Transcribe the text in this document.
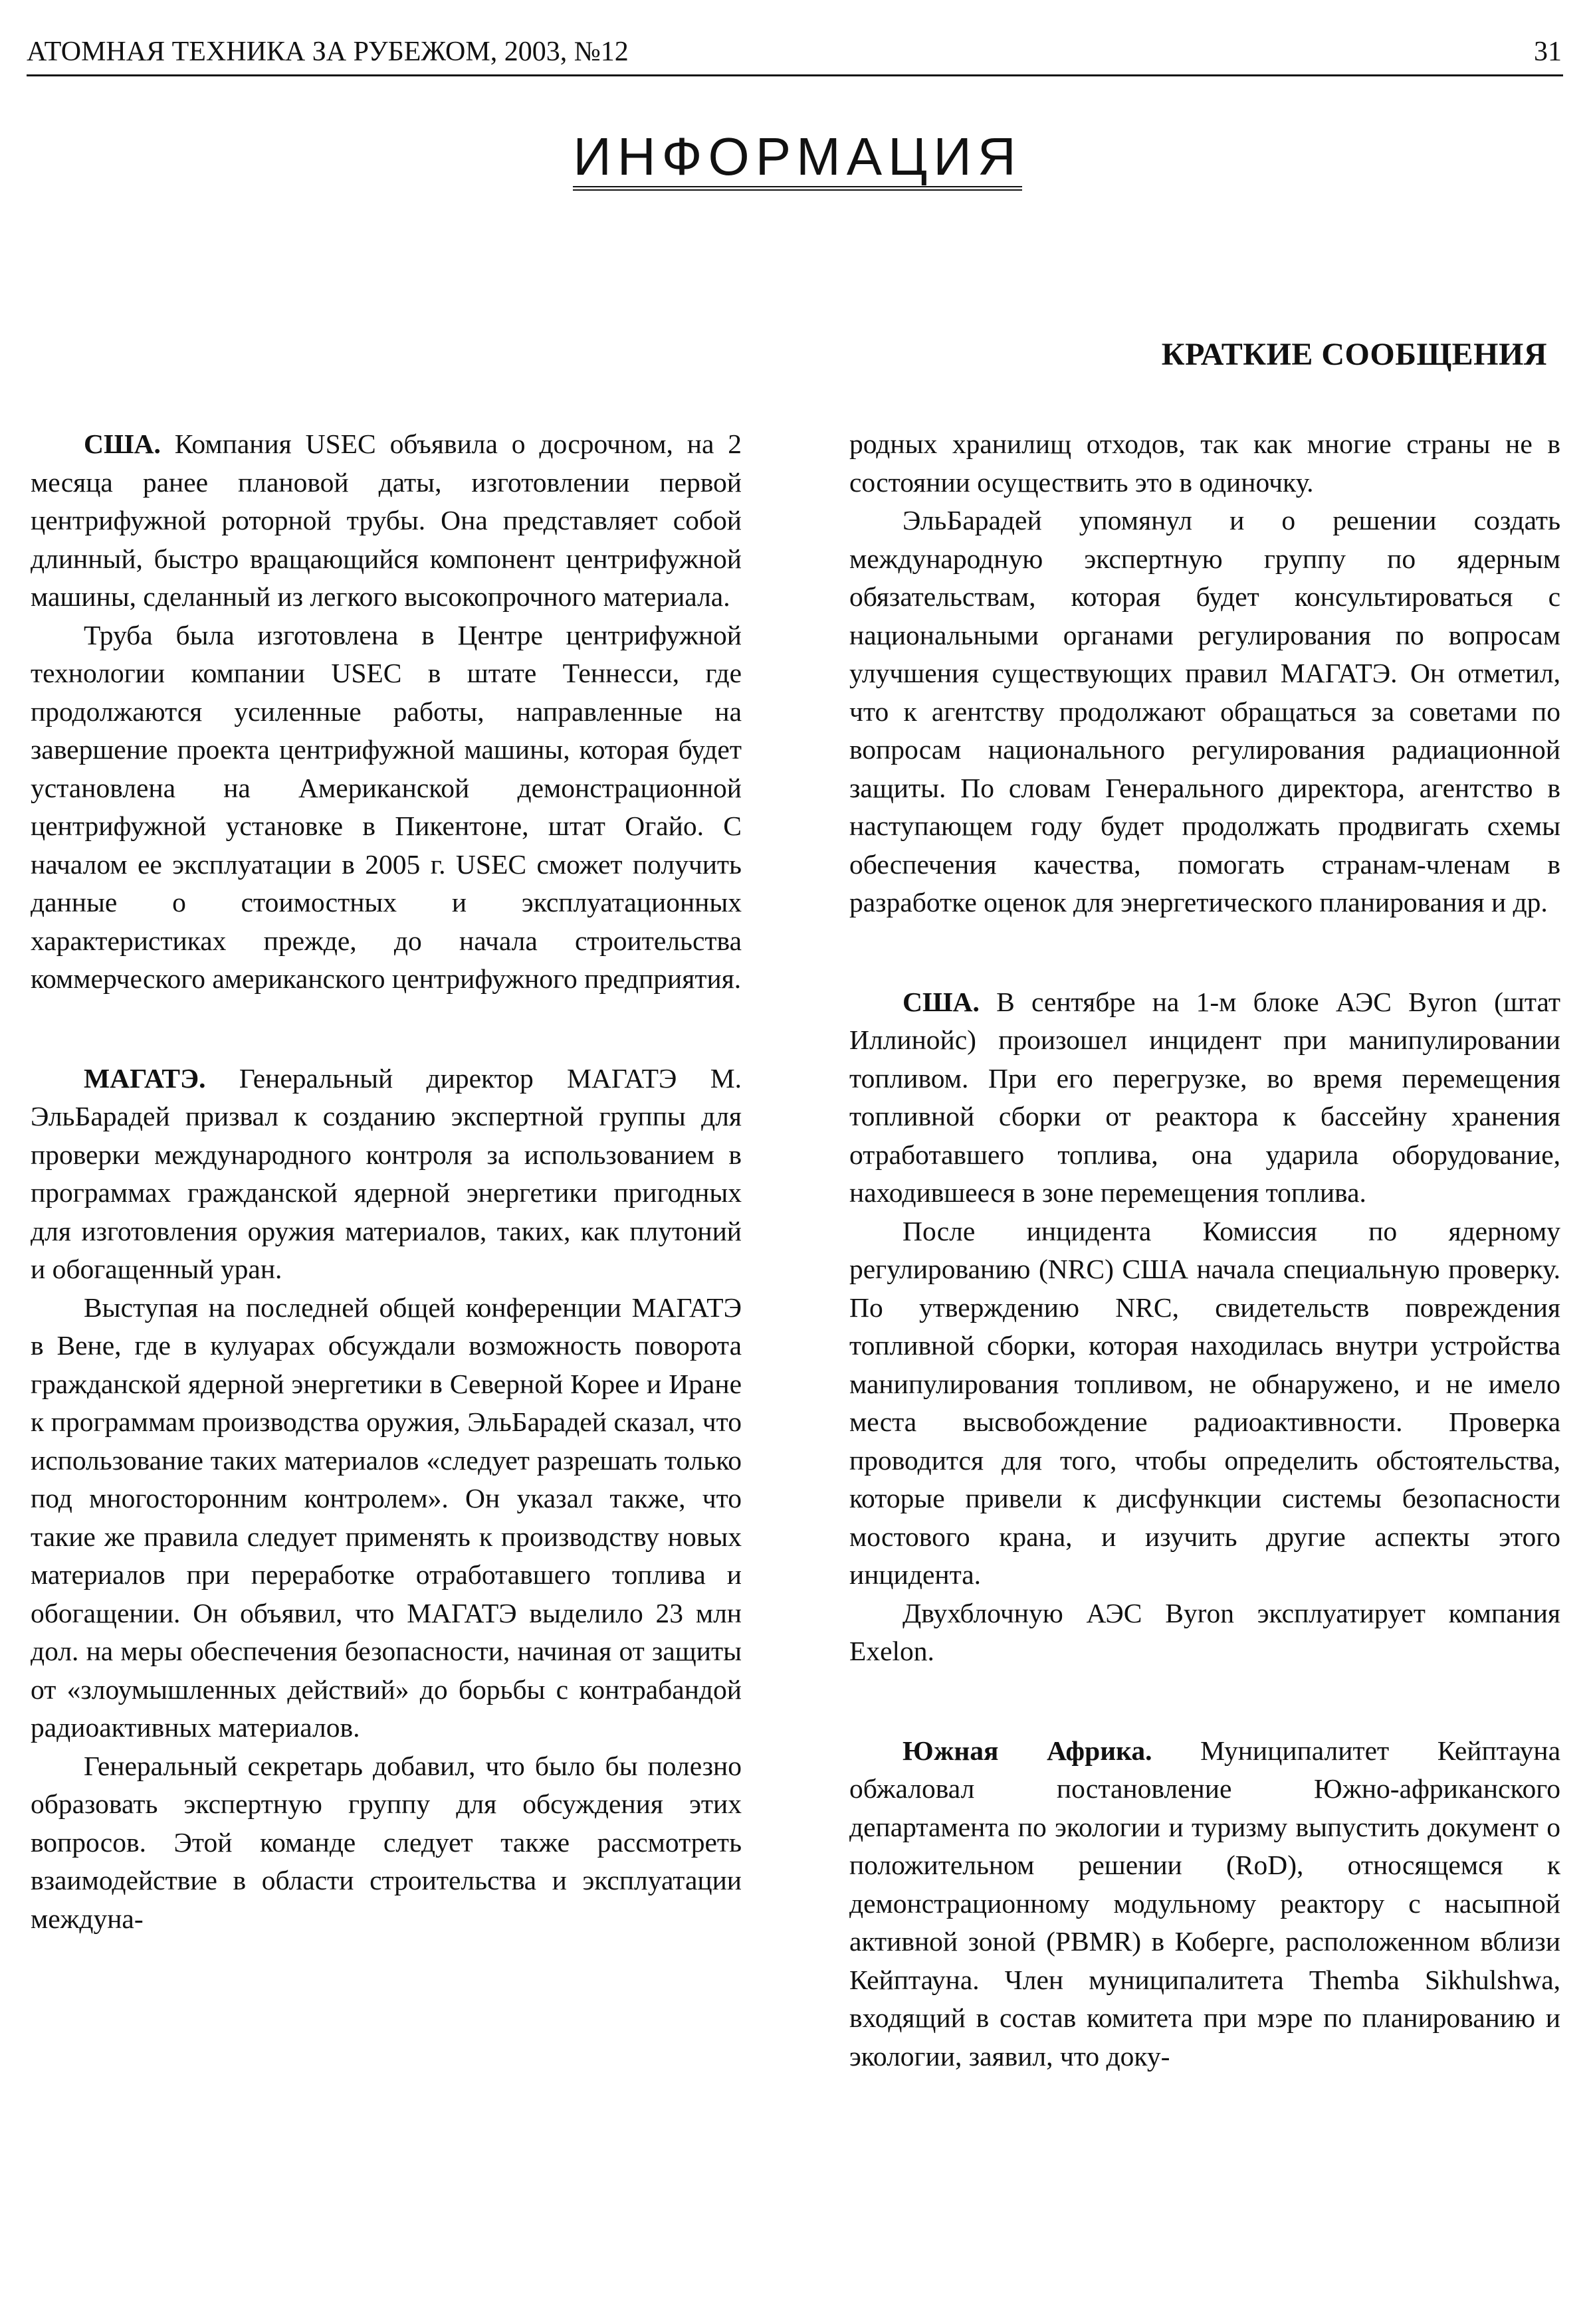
АТОМНАЯ ТЕХНИКА ЗА РУБЕЖОМ, 2003, №12	31
ИНФОРМАЦИЯ
КРАТКИЕ СООБЩЕНИЯ

США. Компания USEC объявила о досрочном, на 2 месяца ранее плановой даты, изготовлении первой центрифужной роторной трубы. Она представляет собой длинный, быстро вращающийся компонент центрифужной машины, сделанный из легкого высокопрочного материала.

Труба была изготовлена в Центре центрифужной технологии компании USEC в штате Теннесси, где продолжаются усиленные работы, направленные на завершение проекта центрифужной машины, которая будет установлена на Американской демонстрационной центрифужной установке в Пикентоне, штат Огайо. С началом ее эксплуатации в 2005 г. USEC сможет получить данные о стоимостных и эксплуатационных характеристиках прежде, до начала строительства коммерческого американского центрифужного предприятия.

МАГАТЭ. Генеральный директор МАГАТЭ М. ЭльБарадей призвал к созданию экспертной группы для проверки международного контроля за использованием в программах гражданской ядерной энергетики пригодных для изготовления оружия материалов, таких, как плутоний и обогащенный уран.

Выступая на последней общей конференции МАГАТЭ в Вене, где в кулуарах обсуждали возможность поворота гражданской ядерной энергетики в Северной Корее и Иране к программам производства оружия, ЭльБарадей сказал, что использование таких материалов «следует разрешать только под многосторонним контролем». Он указал также, что такие же правила следует применять к производству новых материалов при переработке отработавшего топлива и обогащении. Он объявил, что МАГАТЭ выделило 23 млн дол. на меры обеспечения безопасности, начиная от защиты от «злоумышленных действий» до борьбы с контрабандой радиоактивных материалов.

Генеральный секретарь добавил, что было бы полезно образовать экспертную группу для обсуждения этих вопросов. Этой команде следует также рассмотреть взаимодействие в области строительства и эксплуатации междуна-

родных хранилищ отходов, так как многие страны не в состоянии осуществить это в одиночку.

ЭльБарадей упомянул и о решении создать международную экспертную группу по ядерным обязательствам, которая будет консультироваться с национальными органами регулирования по вопросам улучшения существующих правил МАГАТЭ. Он отметил, что к агентству продолжают обращаться за советами по вопросам национального регулирования радиационной защиты. По словам Генерального директора, агентство в наступающем году будет продолжать продвигать схемы обеспечения качества, помогать странам-членам в разработке оценок для энергетического планирования и др.

США. В сентябре на 1-м блоке АЭС Byron (штат Иллинойс) произошел инцидент при манипулировании топливом. При его перегрузке, во время перемещения топливной сборки от реактора к бассейну хранения отработавшего топлива, она ударила оборудование, находившееся в зоне перемещения топлива.

После инцидента Комиссия по ядерному регулированию (NRC) США начала специальную проверку. По утверждению NRC, свидетельств повреждения топливной сборки, которая находилась внутри устройства манипулирования топливом, не обнаружено, и не имело места высвобождение радиоактивности. Проверка проводится для того, чтобы определить обстоятельства, которые привели к дисфункции системы безопасности мостового крана, и изучить другие аспекты этого инцидента.

Двухблочную АЭС Byron эксплуатирует компания Exelon.

Южная Африка. Муниципалитет Кейптауна обжаловал постановление Южно-африканского департамента по экологии и туризму выпустить документ о положительном решении (RoD), относящемся к демонстрационному модульному реактору с насыпной активной зоной (PBMR) в Коберге, расположенном вблизи Кейптауна. Член муниципалитета Themba Sikhulshwa, входящий в состав комитета при мэре по планированию и экологии, заявил, что доку-
